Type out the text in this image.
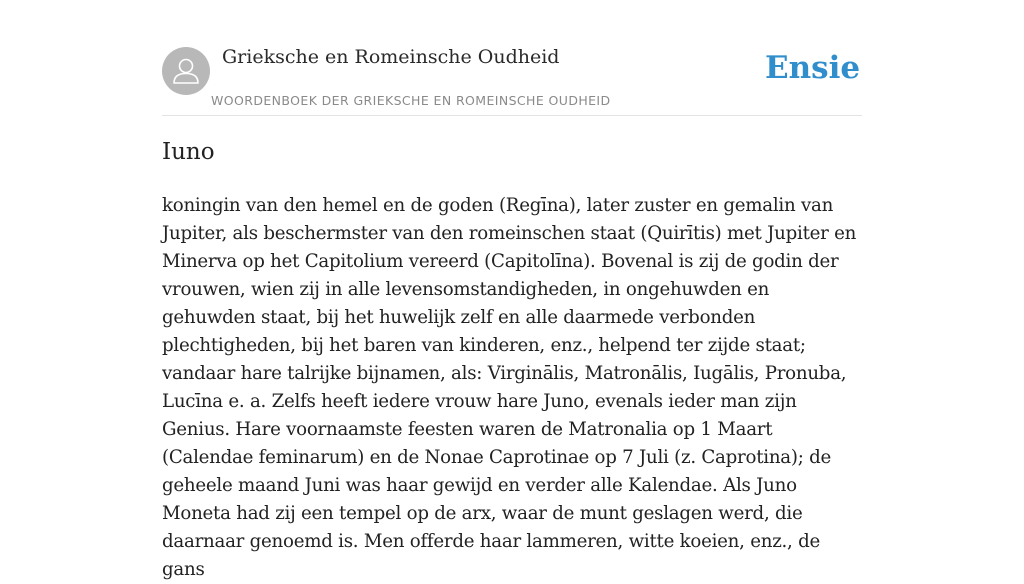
Grieksche en Romeinsche Oudheid
WOORDENBOEK DER GRIEKSCHE EN ROMEINSCHE OUDHEID
Ensie
Iuno

koningin van den hemel en de goden (Regīna), later zuster en gemalin van Jupiter, als beschermster van den romeinschen staat (Quirītis) met Jupiter en Minerva op het Capitolium vereerd (Capitolīna). Bovenal is zij de godin der vrouwen, wien zij in alle levensomstandigheden, in ongehuwden en gehuwden staat, bij het huwelijk zelf en alle daarmede verbonden plechtigheden, bij het baren van kinderen, enz., helpend ter zijde staat; vandaar hare talrijke bijnamen, als: Virginālis, Matronālis, Iugālis, Pronuba, Lucīna e. a. Zelfs heeft iedere vrouw hare Juno, evenals ieder man zijn Genius. Hare voornaamste feesten waren de Matronalia op 1 Maart (Calendae feminarum) en de Nonae Caprotinae op 7 Juli (z. Caprotina); de geheele maand Juni was haar gewijd en verder alle Kalendae. Als Juno Moneta had zij een tempel op de arx, waar de munt geslagen werd, die daarnaar genoemd is. Men offerde haar lammeren, witte koeien, enz., de gans
